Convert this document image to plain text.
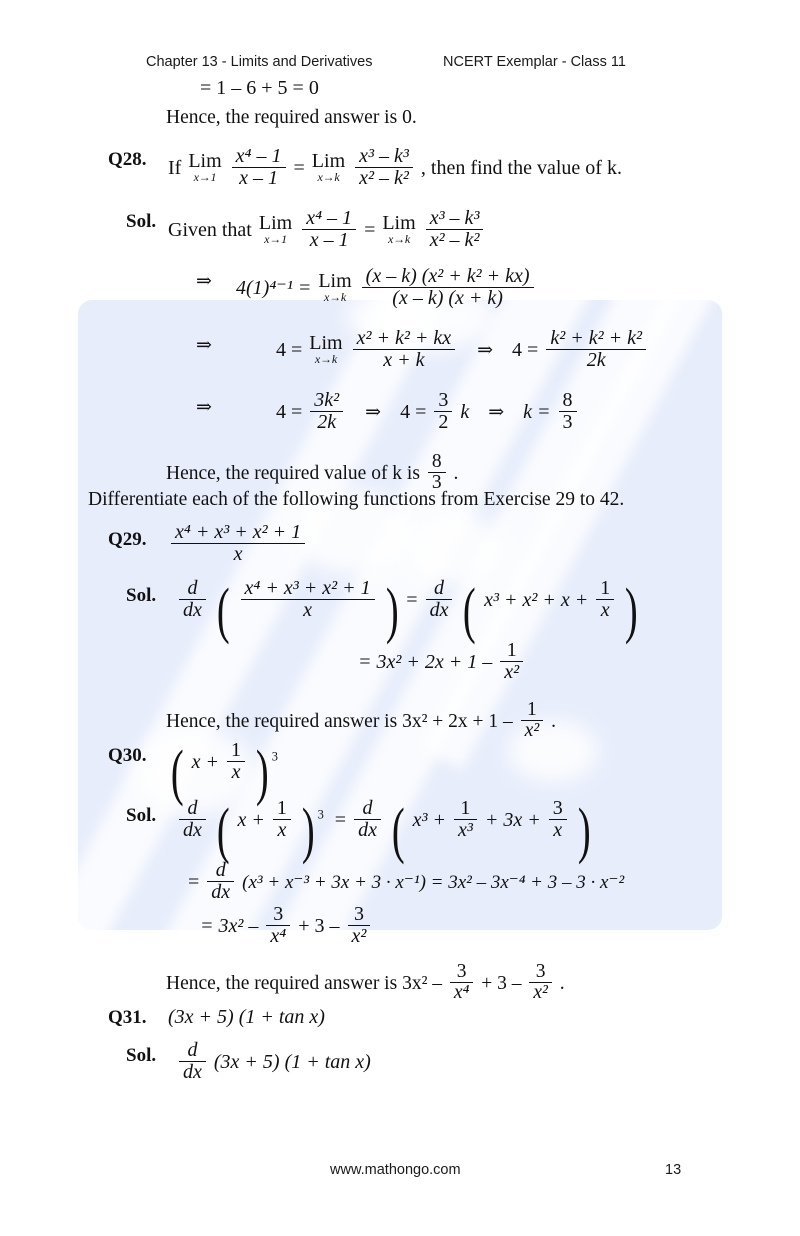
Chapter 13 - Limits and Derivatives	NCERT Exemplar - Class 11
= 1 – 6 + 5 = 0
Hence, the required answer is 0.
Q28. If Lim
x→1
$\frac{\text{x⁴ – 1}}{x - 1}$ = Lim
x→k
$\frac{\text{x³ – k³}}{\text{x² – k²}}$ , then find the value of k.
Sol. Given that Lim
x→1
$\frac{\text{x⁴ – 1}}{x - 1}$ = Lim
x→k
$\frac{\text{x³ – k³}}{\text{x² – k²}}$
⇒ 4(1)⁴⁻¹ = Lim
x→k
$\frac{\text{(x – k) (x² + k² + kx)}}{(x - k) (x + k)}$
⇒	4 = Lim
x→k
$\frac{\text{x² + k² + kx}}{x + k}$ ⇒ $4 = \frac{\text{k² + k² + k²}}{2k}$
⇒	$4 = \frac{\text{3k²}}{2k}$ ⇒ $4 = \frac{3}{2}$ k ⇒ $k = \frac{8}{3}$
Hence, the required value of k is $\frac{8}{3}$ .
Differentiate each of the following functions from Exercise 29 to 42.
Q29. $\frac{\text{x⁴ + x³ + x² + 1}}{x}$
Sol. $\frac{d}{dx}$ ( $\frac{\text{x⁴ + x³ + x² + 1}}{x}$ ) = $\frac{d}{dx}$ ( $x^3 + x^2 + x + \frac{1}{x}$ )
= $3x^2 + 2x + 1 - \frac{1}{\text{x²}}$
Hence, the required answer is $3x^2 + 2x + 1 - \frac{1}{\text{x²}}$ .
Q30. ( $x + \frac{1}{x}$ ) $^3$
Sol. $\frac{d}{dx}$ ( $x + \frac{1}{x}$ ) $^3 = \frac{d}{dx}$ ( $x^3 + \frac{1}{\text{x³}} + 3x + \frac{3}{x}$ )
= $\frac{d}{dx} (x^3 + x^{-3} + 3x + 3 \cdot x^{-1}) = 3x^2 - 3x^{-4} + 3 - 3 \cdot x^{-2}$
= $3x^2 - \frac{3}{\text{x⁴}} + 3 - \frac{3}{\text{x²}}$
Hence, the required answer is $3x^2 - \frac{3}{\text{x⁴}} + 3 - \frac{3}{\text{x²}}$ .
Q31. (3x + 5) (1 + tan x)
Sol. $\frac{d}{dx} (3x + 5) (1 + \tan x)$
www.mathongo.com	13
